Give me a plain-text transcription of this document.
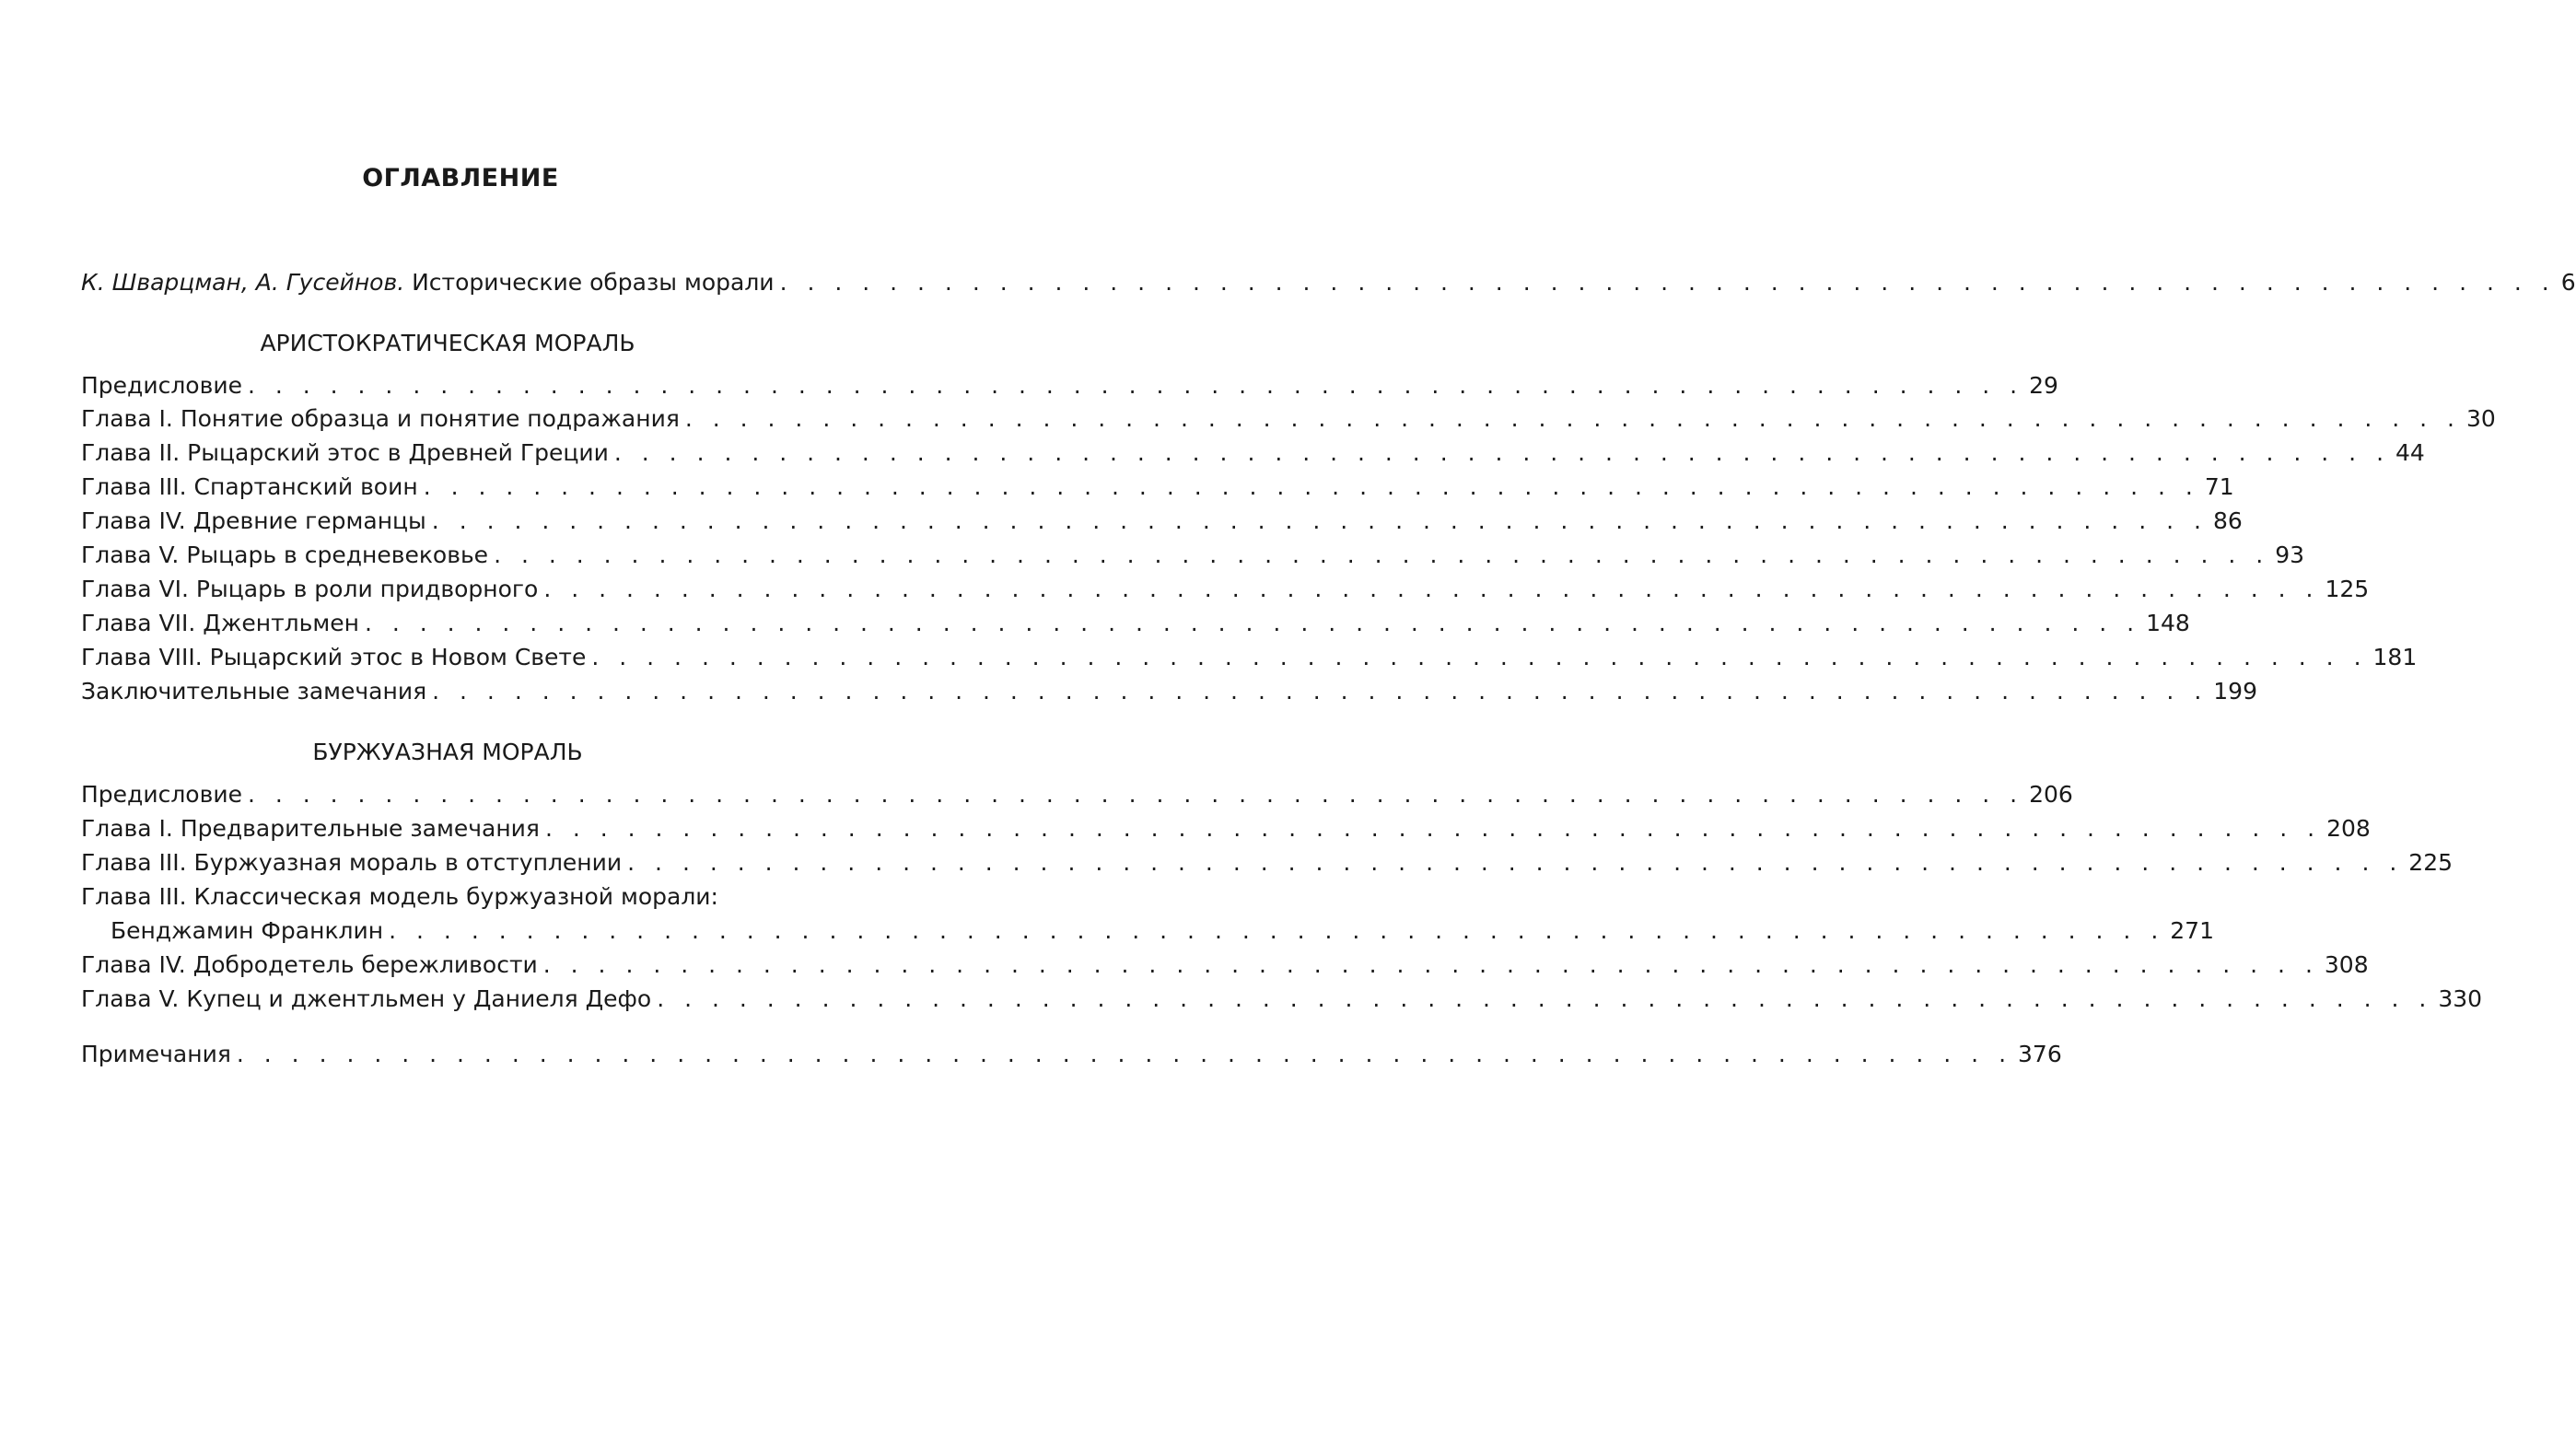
ОГЛАВЛЕНИЕ
К. Шварцман, А. Гусейнов. Исторические образы морали . . . . . . . . . . . . . . . . . . . . . . . . . . . . . . . . . . . . . . . . . . . . . . . . . . . . . . . . . . . . . . . . . 6
АРИСТОКРАТИЧЕСКАЯ МОРАЛЬ
Предисловие . . . . . . . . . . . . . . . . . . . . . . . . . . . . . . . . . . . . . . . . . . . . . . . . . . . . . . . . . . . . . . . . . 29
Глава I. Понятие образца и понятие подражания . . . . . . . . . . . . . . . . . . . . . . . . . . . . . . . . . . . . . . . . . . . . . . . . . . . . . . . . . . . . . . . . . 30
Глава II. Рыцарский этос в Древней Греции . . . . . . . . . . . . . . . . . . . . . . . . . . . . . . . . . . . . . . . . . . . . . . . . . . . . . . . . . . . . . . . . . 44
Глава III. Спартанский воин . . . . . . . . . . . . . . . . . . . . . . . . . . . . . . . . . . . . . . . . . . . . . . . . . . . . . . . . . . . . . . . . . 71
Глава IV. Древние германцы . . . . . . . . . . . . . . . . . . . . . . . . . . . . . . . . . . . . . . . . . . . . . . . . . . . . . . . . . . . . . . . . . 86
Глава V. Рыцарь в средневековье . . . . . . . . . . . . . . . . . . . . . . . . . . . . . . . . . . . . . . . . . . . . . . . . . . . . . . . . . . . . . . . . . 93
Глава VI. Рыцарь в роли придворного . . . . . . . . . . . . . . . . . . . . . . . . . . . . . . . . . . . . . . . . . . . . . . . . . . . . . . . . . . . . . . . . . 125
Глава VII. Джентльмен . . . . . . . . . . . . . . . . . . . . . . . . . . . . . . . . . . . . . . . . . . . . . . . . . . . . . . . . . . . . . . . . . 148
Глава VIII. Рыцарский этос в Новом Свете . . . . . . . . . . . . . . . . . . . . . . . . . . . . . . . . . . . . . . . . . . . . . . . . . . . . . . . . . . . . . . . . . 181
Заключительные замечания . . . . . . . . . . . . . . . . . . . . . . . . . . . . . . . . . . . . . . . . . . . . . . . . . . . . . . . . . . . . . . . . . 199
БУРЖУАЗНАЯ МОРАЛЬ
Предисловие . . . . . . . . . . . . . . . . . . . . . . . . . . . . . . . . . . . . . . . . . . . . . . . . . . . . . . . . . . . . . . . . . 206
Глава I. Предварительные замечания . . . . . . . . . . . . . . . . . . . . . . . . . . . . . . . . . . . . . . . . . . . . . . . . . . . . . . . . . . . . . . . . . 208
Глава III. Буржуазная мораль в отступлении . . . . . . . . . . . . . . . . . . . . . . . . . . . . . . . . . . . . . . . . . . . . . . . . . . . . . . . . . . . . . . . . . 225
Глава III. Классическая модель буржуазной морали:
Бенджамин Франклин . . . . . . . . . . . . . . . . . . . . . . . . . . . . . . . . . . . . . . . . . . . . . . . . . . . . . . . . . . . . . . . . . 271
Глава IV. Добродетель бережливости . . . . . . . . . . . . . . . . . . . . . . . . . . . . . . . . . . . . . . . . . . . . . . . . . . . . . . . . . . . . . . . . . 308
Глава V. Купец и джентльмен у Даниеля Дефо . . . . . . . . . . . . . . . . . . . . . . . . . . . . . . . . . . . . . . . . . . . . . . . . . . . . . . . . . . . . . . . . . 330
Примечания . . . . . . . . . . . . . . . . . . . . . . . . . . . . . . . . . . . . . . . . . . . . . . . . . . . . . . . . . . . . . . . . . 376
